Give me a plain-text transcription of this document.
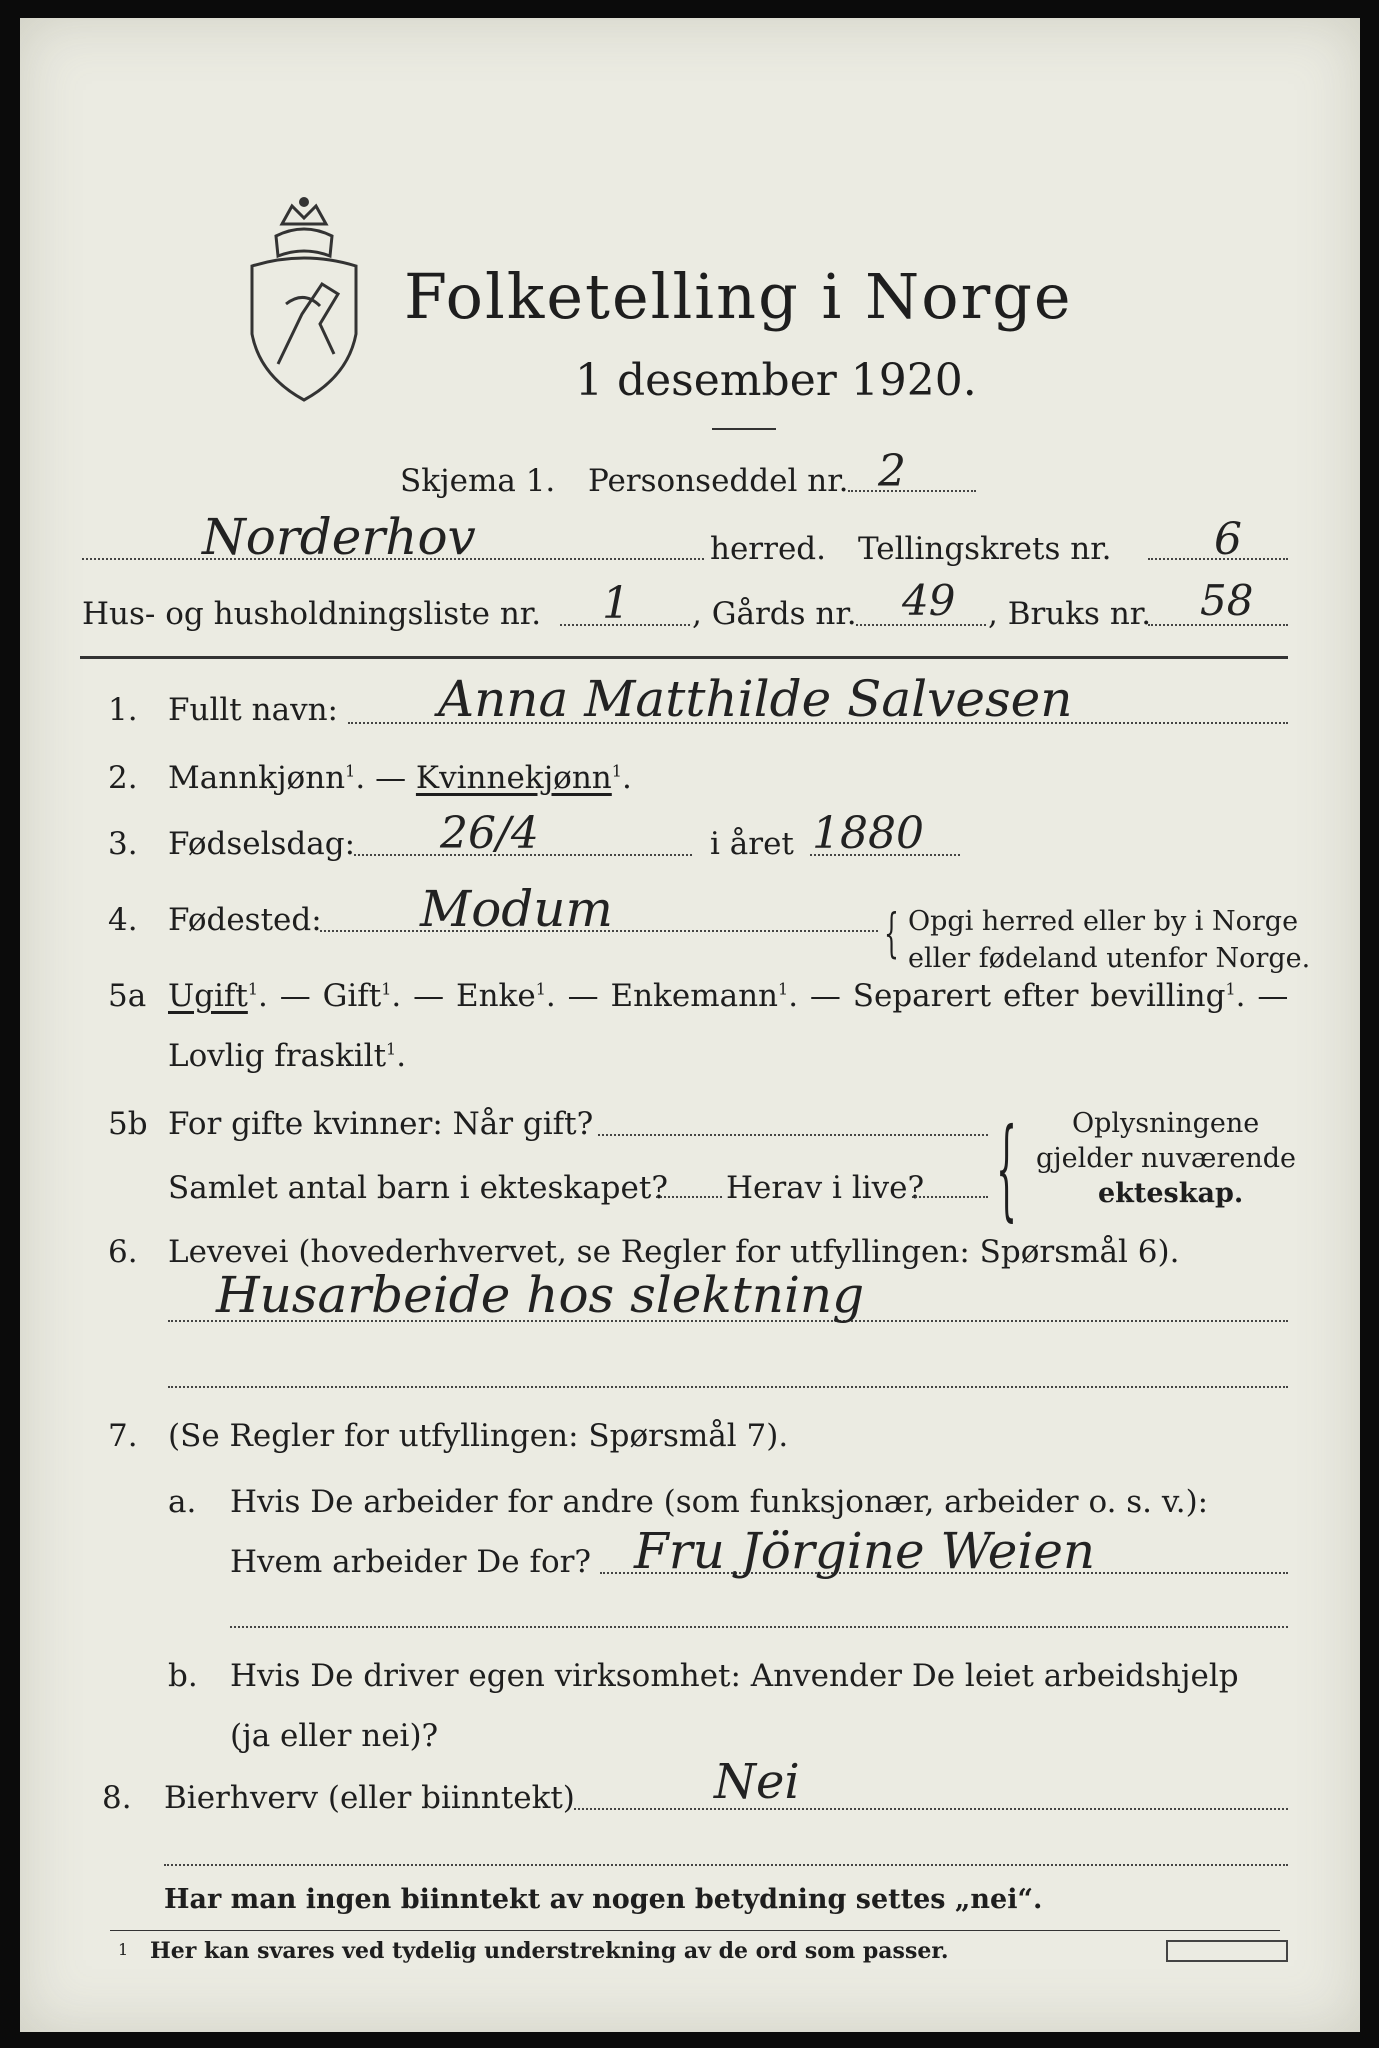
Folketelling i Norge
1 desember 1920.
Skjema 1. Personseddel nr. 2
Norderhov	herred. Tellingskrets nr. 6
Hus- og husholdningsliste nr. 1 , Gårds nr. 49 , Bruks nr. 58
1. Fullt navn: Anna Matthilde Salvesen
2. Mannkjønn$^1$. — Kvinnekjønn$^1$.
3. Fødselsdag: 26/4	i året 1880
4. Fødested: Modum	{ Opgi herred eller by i Norge
eller fødeland utenfor Norge.
5a Ugift$^1$. — Gift$^1$. — Enke$^1$. — Enkemann$^1$. — Separert efter bevilling$^1$. —
Lovlig fraskilt$^1$.
5b For gifte kvinner: Når gift?
Samlet antal barn i ekteskapet? Herav i live? { Oplysningene
gjelder nuværende
ekteskap.
6. Levevei (hovederhvervet, se Regler for utfyllingen: Spørsmål 6).
Husarbeide hos slektning
7. (Se Regler for utfyllingen: Spørsmål 7).
a. Hvis De arbeider for andre (som funksjonær, arbeider o. s. v.):
Hvem arbeider De for? Fru Jörgine Weien
b. Hvis De driver egen virksomhet: Anvender De leiet arbeidshjelp
(ja eller nei)?
8. Bierhverv (eller biinntekt)	Nei
Har man ingen biinntekt av nogen betydning settes „nei“.
1 Her kan svares ved tydelig understrekning av de ord som passer.
